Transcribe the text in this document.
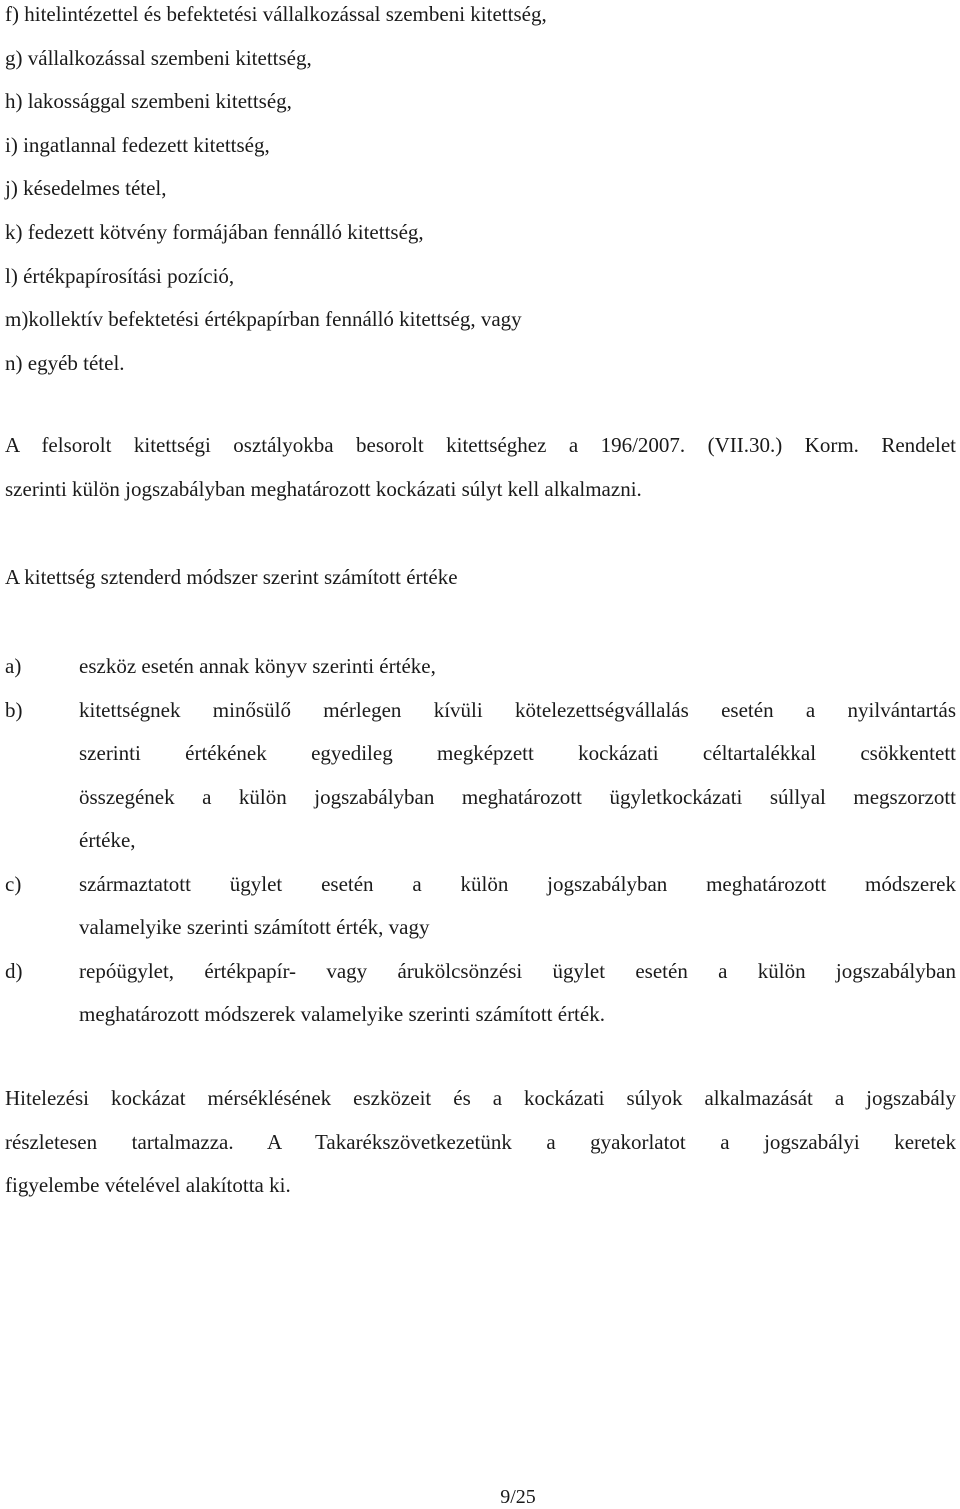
f) hitelintézettel és befektetési vállalkozással szembeni kitettség,
g) vállalkozással szembeni kitettség,
h) lakossággal szembeni kitettség,
i) ingatlannal fedezett kitettség,
j) késedelmes tétel,
k) fedezett kötvény formájában fennálló kitettség,
l) értékpapírosítási pozíció,
m)kollektív befektetési értékpapírban fennálló kitettség, vagy
n) egyéb tétel.
A felsorolt kitettségi osztályokba besorolt kitettséghez a 196/2007. (VII.30.) Korm. Rendelet
szerinti külön jogszabályban meghatározott kockázati súlyt kell alkalmazni.
A kitettség sztenderd módszer szerint számított értéke
a)	eszköz esetén annak könyv szerinti értéke,
b)	kitettségnek minősülő mérlegen kívüli kötelezettségvállalás esetén a nyilvántartás
szerinti értékének egyedileg megképzett kockázati céltartalékkal csökkentett
összegének a külön jogszabályban meghatározott ügyletkockázati súllyal megszorzott
értéke,
c)	származtatott ügylet esetén a külön jogszabályban meghatározott módszerek
valamelyike szerinti számított érték, vagy
d)	repóügylet, értékpapír- vagy árukölcsönzési ügylet esetén a külön jogszabályban
meghatározott módszerek valamelyike szerinti számított érték.
Hitelezési kockázat mérséklésének eszközeit és a kockázati súlyok alkalmazását a jogszabály
részletesen tartalmazza. A Takarékszövetkezetünk a gyakorlatot a jogszabályi keretek
figyelembe vételével alakította ki.
9/25
